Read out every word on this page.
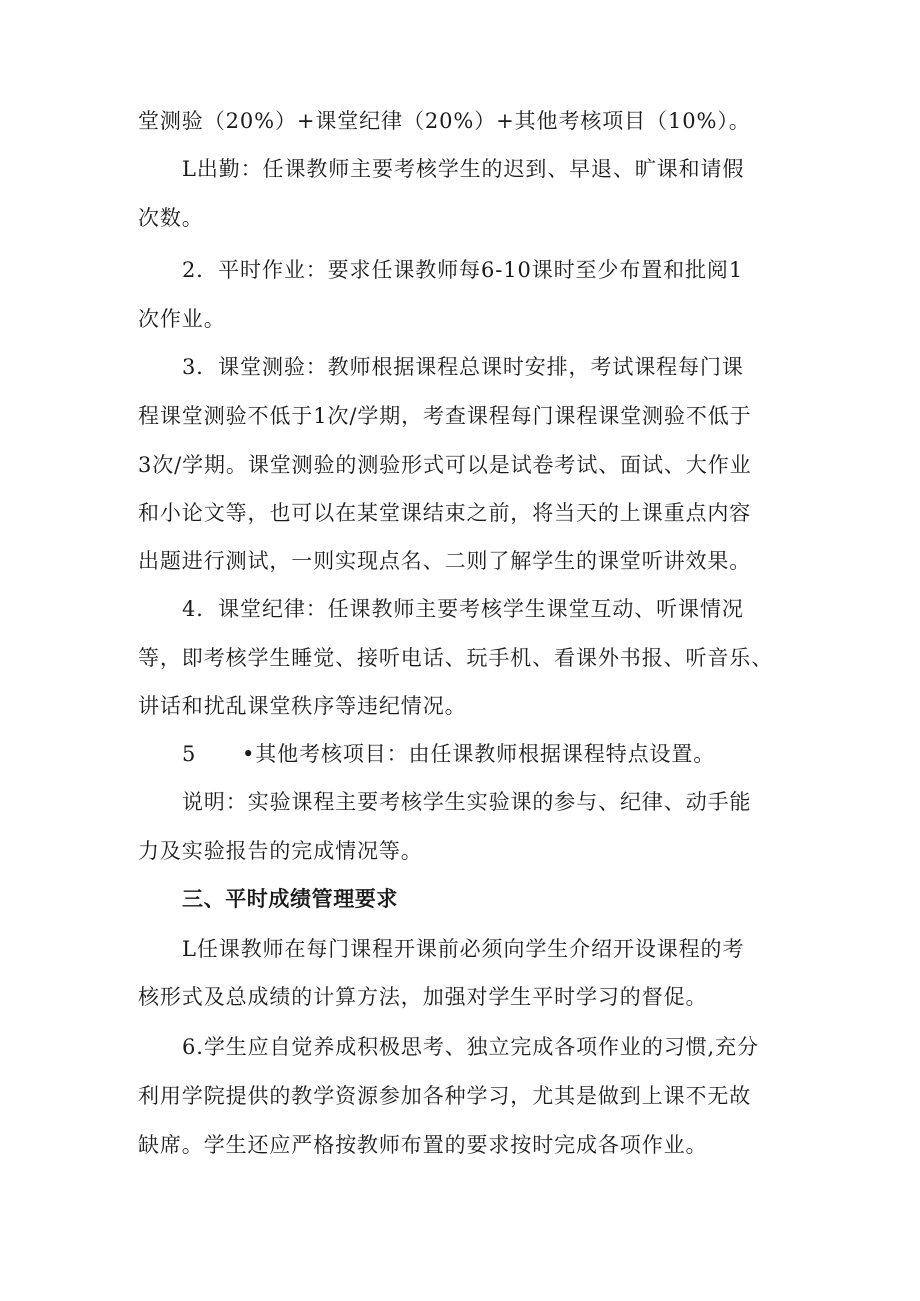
堂测验（20%）+课堂纪律（20%）+其他考核项目（10%）。
L出勤：任课教师主要考核学生的迟到、早退、旷课和请假
次数。
2．平时作业：要求任课教师每6-10课时至少布置和批阅1
次作业。
3．课堂测验：教师根据课程总课时安排，考试课程每门课
程课堂测验不低于1次/学期，考查课程每门课程课堂测验不低于
3次/学期。课堂测验的测验形式可以是试卷考试、面试、大作业
和小论文等，也可以在某堂课结束之前，将当天的上课重点内容
出题进行测试，一则实现点名、二则了解学生的课堂听讲效果。
4．课堂纪律：任课教师主要考核学生课堂互动、听课情况
等，即考核学生睡觉、接听电话、玩手机、看课外书报、听音乐、
讲话和扰乱课堂秩序等违纪情况。
5 •其他考核项目：由任课教师根据课程特点设置。
说明：实验课程主要考核学生实验课的参与、纪律、动手能
力及实验报告的完成情况等。
三、平时成绩管理要求
L任课教师在每门课程开课前必须向学生介绍开设课程的考
核形式及总成绩的计算方法，加强对学生平时学习的督促。
6.学生应自觉养成积极思考、独立完成各项作业的习惯,充分
利用学院提供的教学资源参加各种学习，尤其是做到上课不无故
缺席。学生还应严格按教师布置的要求按时完成各项作业。
